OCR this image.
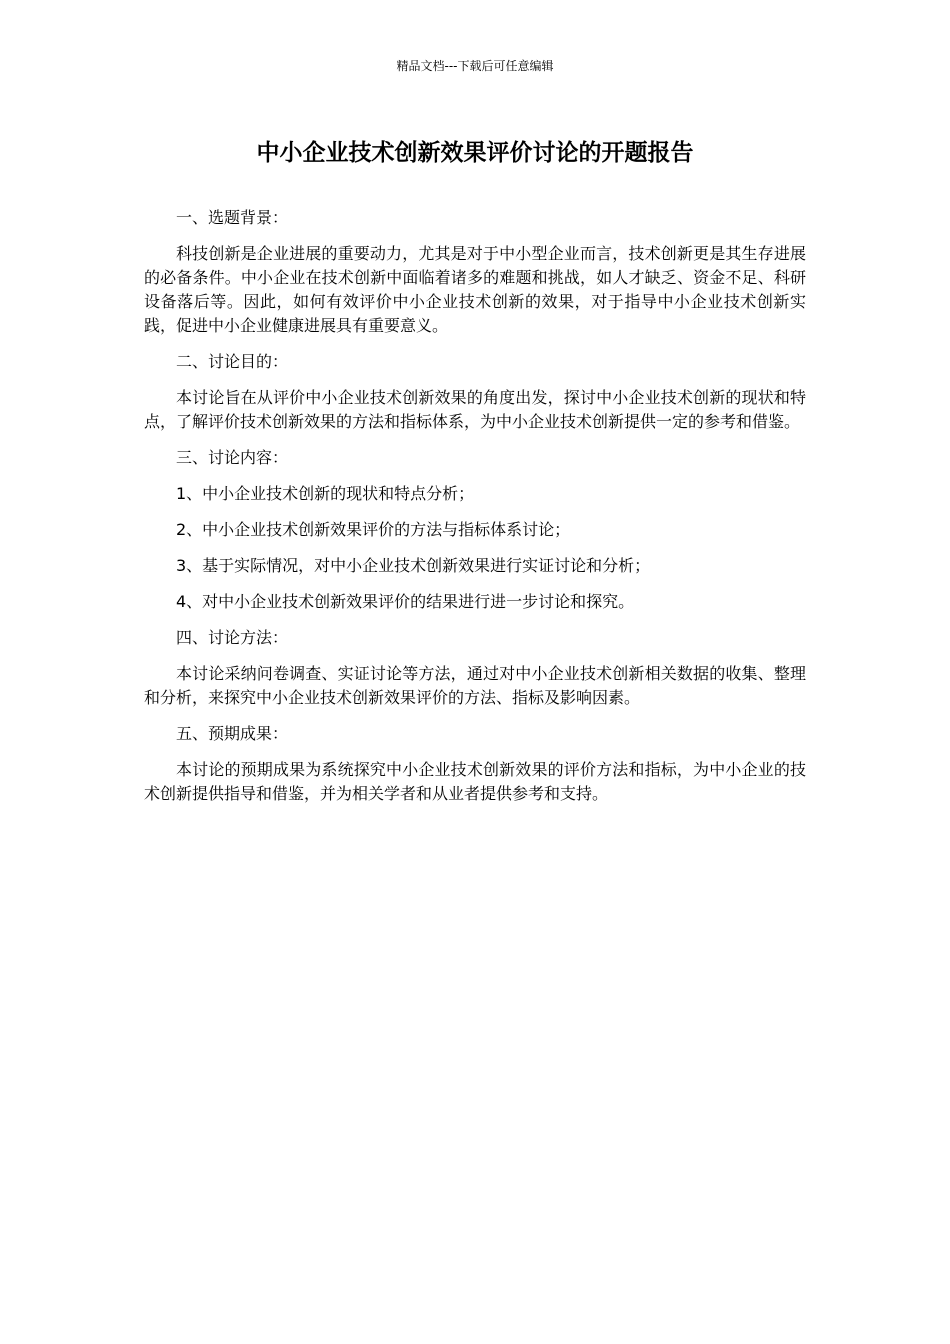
精品文档---下载后可任意编辑
中小企业技术创新效果评价讨论的开题报告

一、选题背景：

科技创新是企业进展的重要动力，尤其是对于中小型企业而言，技术创新更是其生存进展的必备条件。中小企业在技术创新中面临着诸多的难题和挑战，如人才缺乏、资金不足、科研设备落后等。因此，如何有效评价中小企业技术创新的效果，对于指导中小企业技术创新实践，促进中小企业健康进展具有重要意义。

二、讨论目的：

本讨论旨在从评价中小企业技术创新效果的角度出发，探讨中小企业技术创新的现状和特点，了解评价技术创新效果的方法和指标体系，为中小企业技术创新提供一定的参考和借鉴。

三、讨论内容：

1、中小企业技术创新的现状和特点分析；

2、中小企业技术创新效果评价的方法与指标体系讨论；

3、基于实际情况，对中小企业技术创新效果进行实证讨论和分析；

4、对中小企业技术创新效果评价的结果进行进一步讨论和探究。

四、讨论方法：

本讨论采纳问卷调查、实证讨论等方法，通过对中小企业技术创新相关数据的收集、整理和分析，来探究中小企业技术创新效果评价的方法、指标及影响因素。

五、预期成果：

本讨论的预期成果为系统探究中小企业技术创新效果的评价方法和指标，为中小企业的技术创新提供指导和借鉴，并为相关学者和从业者提供参考和支持。
